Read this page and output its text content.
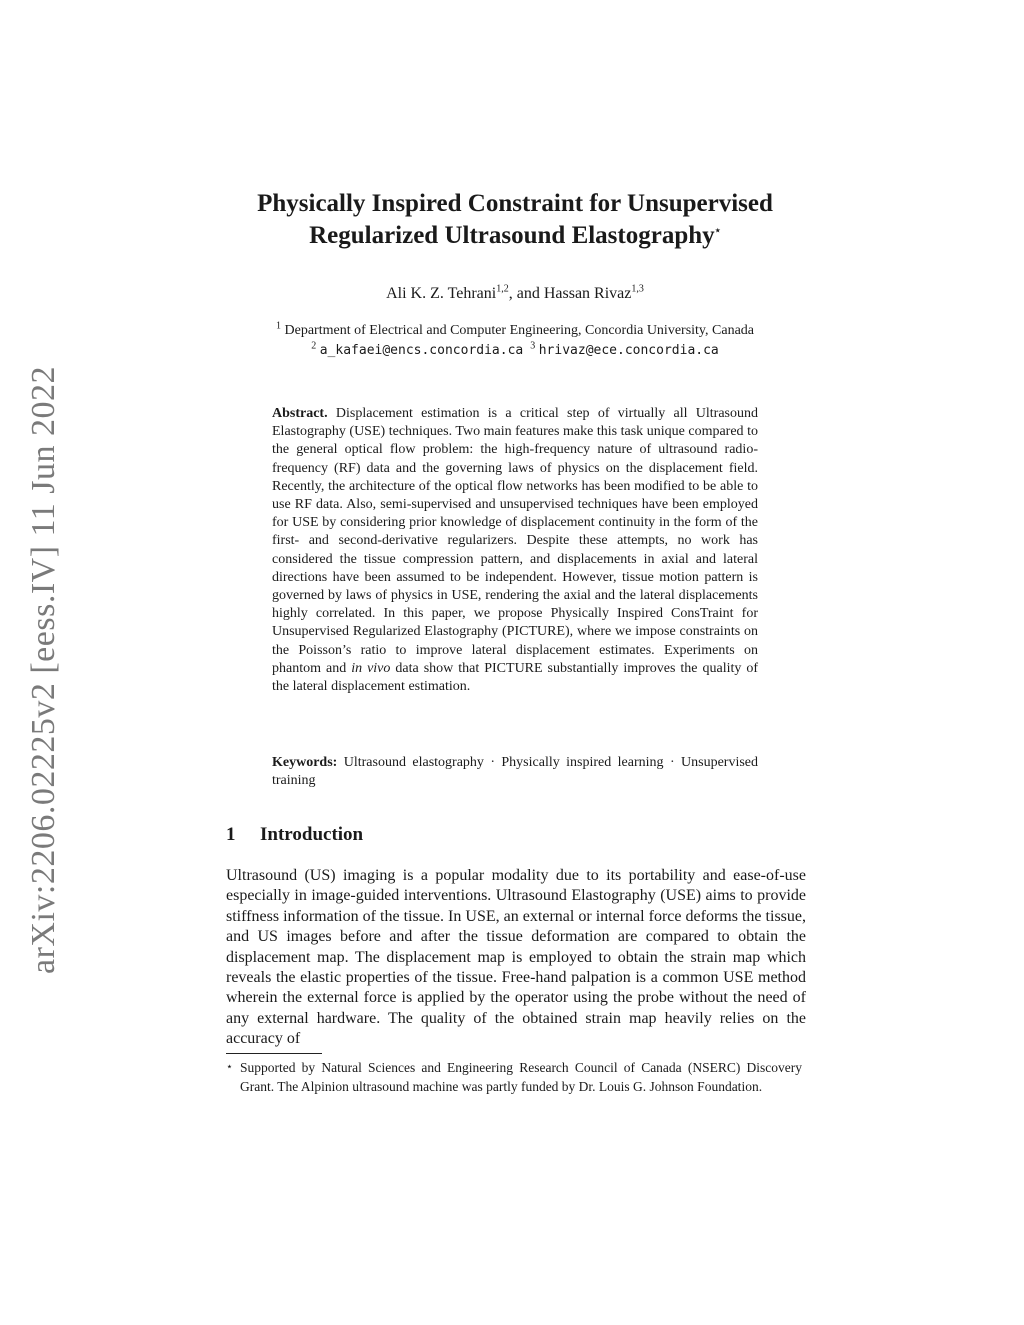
arXiv:2206.02225v2 [eess.IV] 11 Jun 2022
Physically Inspired Constraint for Unsupervised
Regularized Ultrasound Elastography⋆
Ali K. Z. Tehrani$^{1,2}$, and Hassan Rivaz$^{1,3}$
$^1$ Department of Electrical and Computer Engineering, Concordia University, Canada
$^2$ a_kafaei@encs.concordia.ca $^3$ hrivaz@ece.concordia.ca
Abstract. Displacement estimation is a critical step of virtually all Ultrasound Elastography (USE) techniques. Two main features make this task unique compared to the general optical flow problem: the high-frequency nature of ultrasound radio-frequency (RF) data and the governing laws of physics on the displacement field. Recently, the architecture of the optical flow networks has been modified to be able to use RF data. Also, semi-supervised and unsupervised techniques have been employed for USE by considering prior knowledge of displacement continuity in the form of the first- and second-derivative regularizers. Despite these attempts, no work has considered the tissue compression pattern, and displacements in axial and lateral directions have been assumed to be independent. However, tissue motion pattern is governed by laws of physics in USE, rendering the axial and the lateral displacements highly correlated. In this paper, we propose Physically Inspired ConsTraint for Unsupervised Regularized Elastography (PICTURE), where we impose constraints on the Poisson’s ratio to improve lateral displacement estimates. Experiments on phantom and in vivo data show that PICTURE substantially improves the quality of the lateral displacement estimation.
Keywords: Ultrasound elastography · Physically inspired learning · Unsupervised training
1 Introduction
Ultrasound (US) imaging is a popular modality due to its portability and ease-of-use especially in image-guided interventions. Ultrasound Elastography (USE) aims to provide stiffness information of the tissue. In USE, an external or internal force deforms the tissue, and US images before and after the tissue deformation are compared to obtain the displacement map. The displacement map is employed to obtain the strain map which reveals the elastic properties of the tissue. Free-hand palpation is a common USE method wherein the external force is applied by the operator using the probe without the need of any external hardware. The quality of the obtained strain map heavily relies on the accuracy of
⋆ Supported by Natural Sciences and Engineering Research Council of Canada (NSERC) Discovery Grant. The Alpinion ultrasound machine was partly funded by Dr. Louis G. Johnson Foundation.
